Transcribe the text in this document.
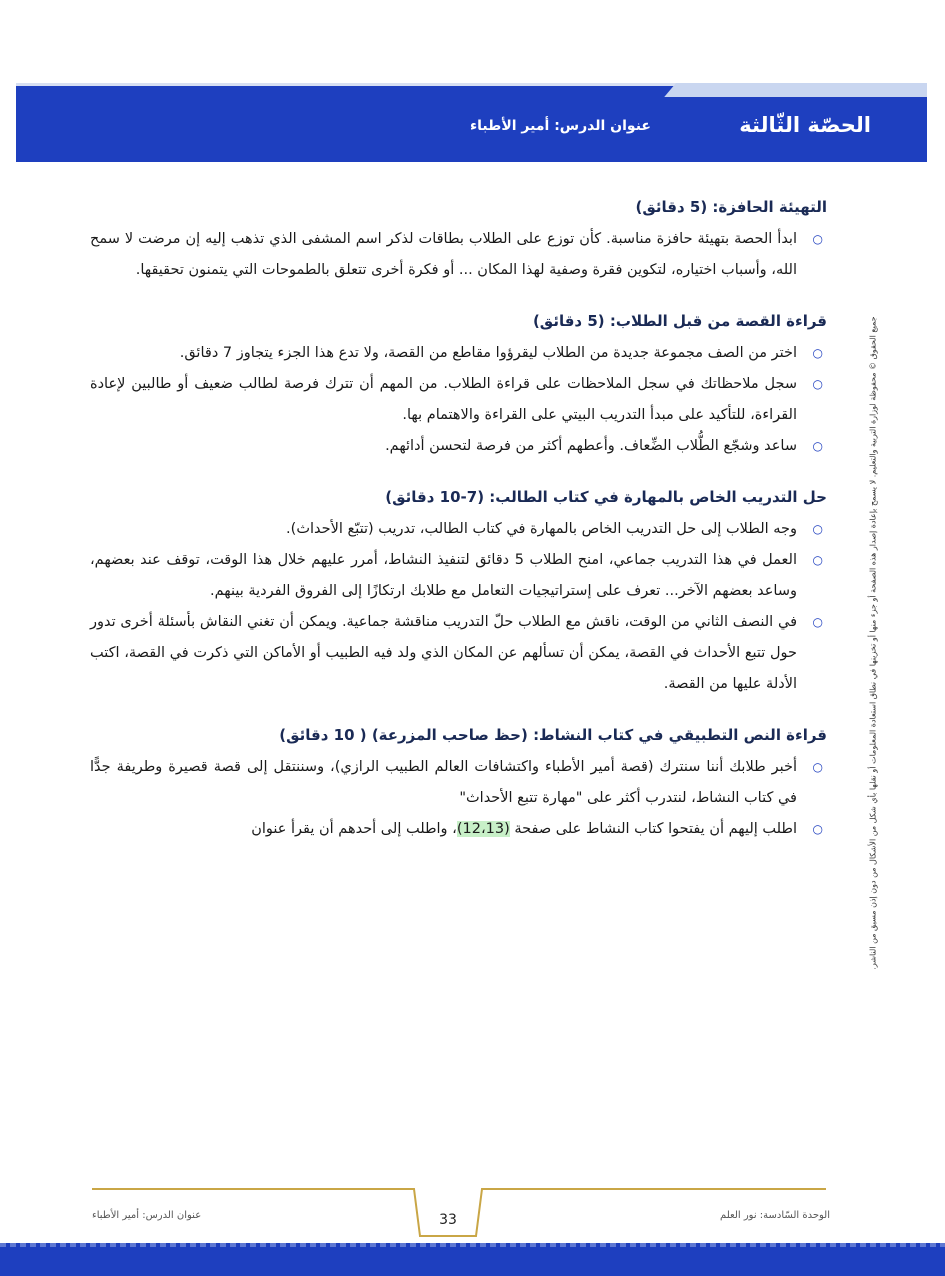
الحصّة الثّالثة
عنوان الدرس: أمير الأطباء
جميع الحقوق © محفوظة لوزارة التربية والتعليم. لا يسمح بإعادة إصدار هذه الصفحة أو جزء منها أو تخزينها في نطاق استعادة المعلومات أو نقلها بأي شكل من الأشكال من دون إذن مسبق من الناشر.

التهيئة الحافزة: (5 دقائق)

○
ابدأ الحصة بتهيئة حافزة مناسبة. كأن توزع على الطلاب بطاقات لذكر اسم المشفى الذي تذهب إليه إن مرضت لا سمح الله، وأسباب اختياره، لتكوين فقرة وصفية لهذا المكان ... أو فكرة أخرى تتعلق بالطموحات التي يتمنون تحقيقها.

قراءة القصة من قبل الطلاب: (5 دقائق)

○
اختر من الصف مجموعة جديدة من الطلاب ليقرؤوا مقاطع من القصة، ولا تدع هذا الجزء يتجاوز 7 دقائق.
○
سجل ملاحظاتك في سجل الملاحظات على قراءة الطلاب. من المهم أن تترك فرصة لطالب ضعيف أو طالبين لإعادة القراءة، للتأكيد على مبدأ التدريب البيتي على القراءة والاهتمام بها.
○
ساعد وشجّع الطُّلاب الضِّعاف. وأعطهم أكثر من فرصة لتحسن أدائهم.

حل التدريب الخاص بالمهارة في كتاب الطالب: (7-10 دقائق)

○
وجه الطلاب إلى حل التدريب الخاص بالمهارة في كتاب الطالب، تدريب (تتبّع الأحداث).
○
العمل في هذا التدريب جماعي، امنح الطلاب 5 دقائق لتنفيذ النشاط، أمرر عليهم خلال هذا الوقت، توقف عند بعضهم، وساعد بعضهم الآخر... تعرف على إستراتيجيات التعامل مع طلابك ارتكازًا إلى الفروق الفردية بينهم.
○
في النصف الثاني من الوقت، ناقش مع الطلاب حلّ التدريب مناقشة جماعية. ويمكن أن تغني النقاش بأسئلة أخرى تدور حول تتبع الأحداث في القصة، يمكن أن تسألهم عن المكان الذي ولد فيه الطبيب أو الأماكن التي ذكرت في القصة، اكتب الأدلة عليها من القصة.

قراءة النص التطبيقي في كتاب النشاط: (حظ صاحب المزرعة) ( 10 دقائق)

○
أخبر طلابك أننا سنترك (قصة أمير الأطباء واكتشافات العالم الطبيب الرازي)، وسننتقل إلى قصة قصيرة وطريفة جدًّا في كتاب النشاط، لنتدرب أكثر على "مهارة تتبع الأحداث"
○
اطلب إليهم أن يفتحوا كتاب النشاط على صفحة (12،13)، واطلب إلى أحدهم أن يقرأ عنوان
33
عنوان الدرس: أمير الأطباء	الوحدة السّادسة: نور العلم
